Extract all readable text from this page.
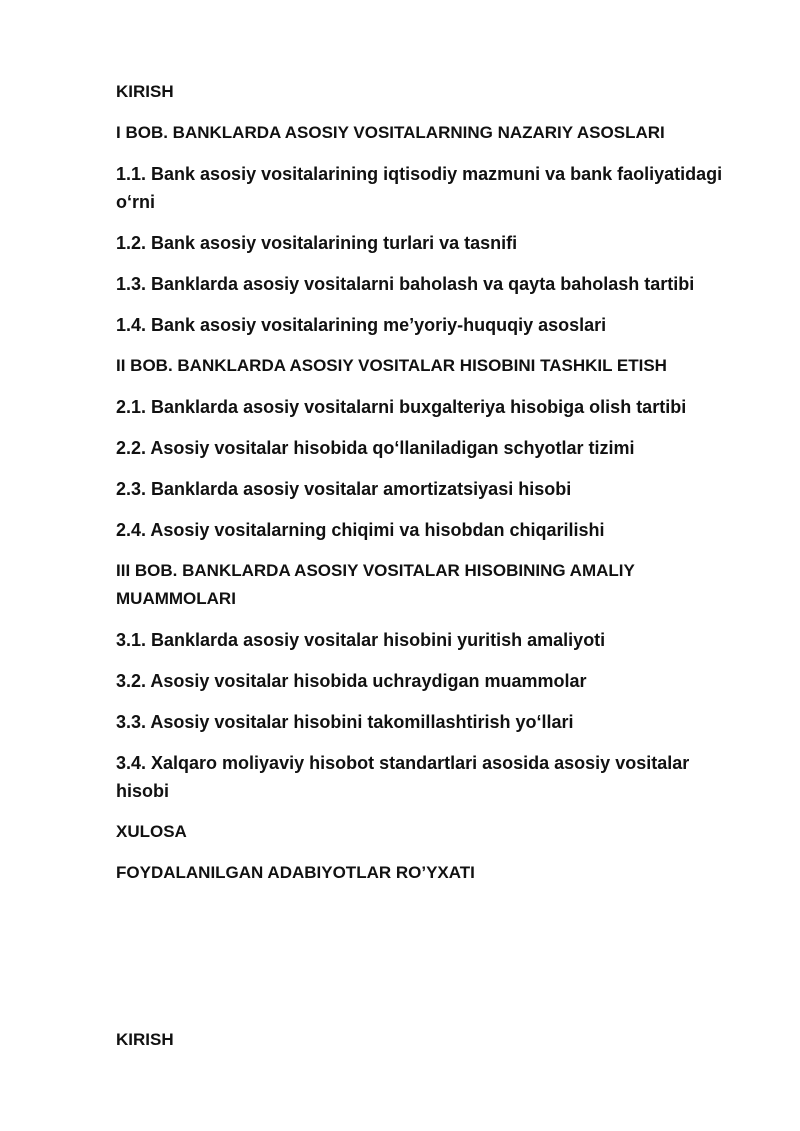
KIRISH
I BOB. BANKLARDA ASOSIY VOSITALARNING NAZARIY ASOSLARI
1.1. Bank asosiy vositalarining iqtisodiy mazmuni va bank faoliyatidagi o‘rni
1.2. Bank asosiy vositalarining turlari va tasnifi
1.3. Banklarda asosiy vositalarni baholash va qayta baholash tartibi
1.4. Bank asosiy vositalarining me’yoriy-huquqiy asoslari
II BOB. BANKLARDA ASOSIY VOSITALAR HISOBINI TASHKIL ETISH
2.1. Banklarda asosiy vositalarni buxgalteriya hisobiga olish tartibi
2.2. Asosiy vositalar hisobida qo‘llaniladigan schyotlar tizimi
2.3. Banklarda asosiy vositalar amortizatsiyasi hisobi
2.4. Asosiy vositalarning chiqimi va hisobdan chiqarilishi
III BOB. BANKLARDA ASOSIY VOSITALAR HISOBINING AMALIY MUAMMOLARI
3.1. Banklarda asosiy vositalar hisobini yuritish amaliyoti
3.2. Asosiy vositalar hisobida uchraydigan muammolar
3.3. Asosiy vositalar hisobini takomillashtirish yo‘llari
3.4. Xalqaro moliyaviy hisobot standartlari asosida asosiy vositalar hisobi
XULOSA
FOYDALANILGAN ADABIYOTLAR RO’YXATI
KIRISH
